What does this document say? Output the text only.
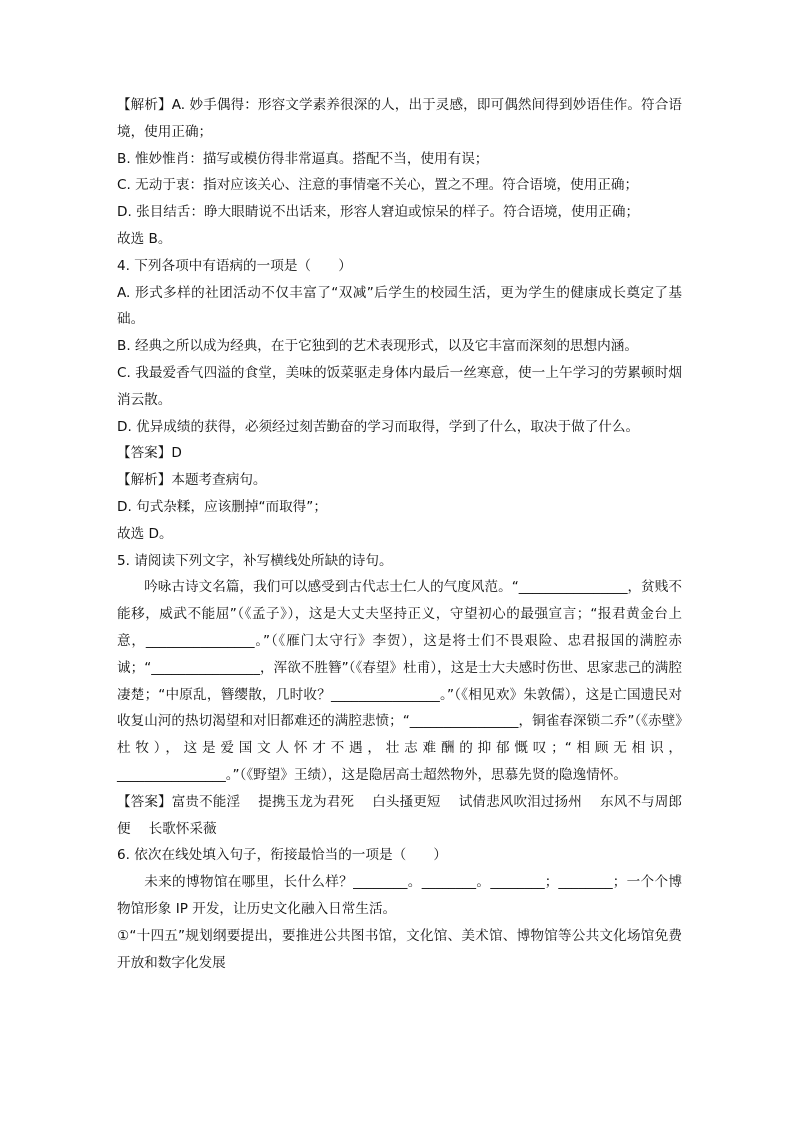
【解析】A. 妙手偶得：形容文学素养很深的人，出于灵感，即可偶然间得到妙语佳作。符合语境，使用正确；

B. 惟妙惟肖：描写或模仿得非常逼真。搭配不当，使用有误；

C. 无动于衷：指对应该关心、注意的事情毫不关心，置之不理。符合语境，使用正确；

D. 张目结舌：睁大眼睛说不出话来，形容人窘迫或惊呆的样子。符合语境，使用正确；

故选 B。

4. 下列各项中有语病的一项是（　　）

A. 形式多样的社团活动不仅丰富了“双减”后学生的校园生活，更为学生的健康成长奠定了基础。

B. 经典之所以成为经典，在于它独到的艺术表现形式，以及它丰富而深刻的思想内涵。

C. 我最爱香气四溢的食堂，美味的饭菜驱走身体内最后一丝寒意，使一上午学习的劳累顿时烟消云散。

D. 优异成绩的获得，必须经过刻苦勤奋的学习而取得，学到了什么，取决于做了什么。

【答案】D

【解析】本题考查病句。

D. 句式杂糅，应该删掉“而取得”；

故选 D。

5. 请阅读下列文字，补写横线处所缺的诗句。

吟咏古诗文名篇，我们可以感受到古代志士仁人的气度风范。“________________，贫贱不能移，威武不能屈”（《孟子》），这是大丈夫坚持正义，守望初心的最强宣言；“报君黄金台上意，________________。”（《雁门太守行》李贺），这是将士们不畏艰险、忠君报国的满腔赤诚；“________________，浑欲不胜簪”（《春望》杜甫），这是士大夫感时伤世、思家悲己的满腔凄楚；“中原乱，簪缨散，几时收？________________。”（《相见欢》朱敦儒），这是亡国遗民对收复山河的热切渴望和对旧都难还的满腔悲愤；“________________，铜雀春深锁二乔”（《赤壁》杜牧），这是爱国文人怀才不遇，壮志难酬的抑郁慨叹；“相顾无相识，________________。”（《野望》王绩），这是隐居高士超然物外，思慕先贤的隐逸情怀。

【答案】富贵不能淫 提携玉龙为君死 白头搔更短 试倩悲风吹泪过扬州 东风不与周郎便 长歌怀采薇

6. 依次在线处填入句子，衔接最恰当的一项是（　　）

未来的博物馆在哪里，长什么样？________。________。________；________；一个个博物馆形象 IP 开发，让历史文化融入日常生活。

①“十四五”规划纲要提出，要推进公共图书馆，文化馆、美术馆、博物馆等公共文化场馆免费开放和数字化发展
